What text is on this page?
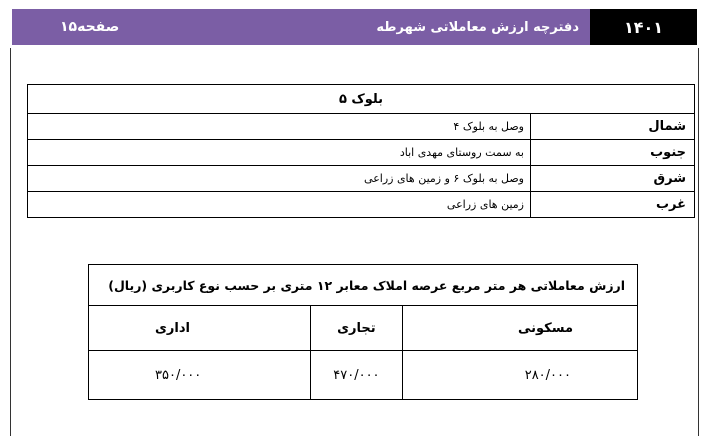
۱۴۰۱
دفترچه ارزش معاملاتی شهرطه
صفحه۱۵
بلوک ۵	
شمال	وصل به بلوک ۴
جنوب	به سمت روستای مهدی اباد
شرق	وصل به بلوک ۶ و زمین های زراعی
غرب	زمین های زراعی
ارزش معاملاتی هر متر مربع عرصه املاک معابر ۱۲ متری بر حسب نوع کاربری (ریال)		
مسکونی	تجاری	اداری
۲۸۰/۰۰۰	۴۷۰/۰۰۰	۳۵۰/۰۰۰
